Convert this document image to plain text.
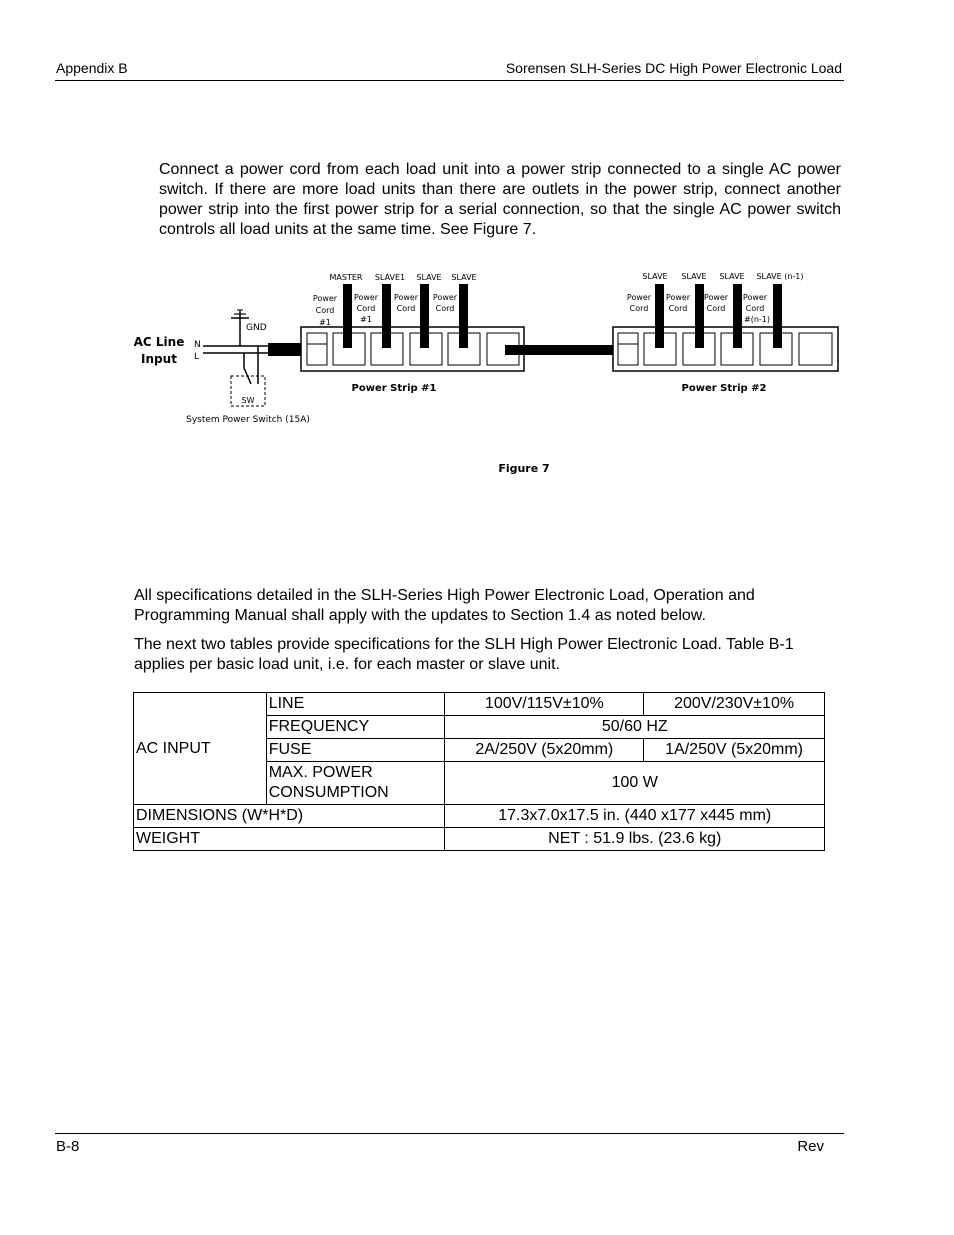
Appendix B	Sorensen SLH-Series DC High Power Electronic Load
Connect a power cord from each load unit into a power strip connected to a single AC power switch. If there are more load units than there are outlets in the power strip, connect another power strip into the first power strip for a serial connection, so that the single AC power switch controls all load units at the same time. See Figure 7.
AC Line
Input
N
L
GND
SW
System Power Switch (15A)
Power Strip #1
MASTER SLAVE1 SLAVE SLAVE
Power
Cord
#1
Power
Cord
#1
Power
Cord
Power
Cord
Power Strip #2
SLAVE SLAVE SLAVE SLAVE (n-1)
Power
Cord
Power
Cord
Power
Cord
Power
Cord
#(n-1)
Figure 7
All specifications detailed in the SLH-Series High Power Electronic Load, Operation and Programming Manual shall apply with the updates to Section 1.4 as noted below.
The next two tables provide specifications for the SLH High Power Electronic Load. Table B-1 applies per basic load unit, i.e. for each master or slave unit.
AC INPUT	LINE	100V/115V±10%	200V/230V±10%
	FREQUENCY	50/60 HZ	
	FUSE	2A/250V (5x20mm)	1A/250V (5x20mm)

	MAX. POWER
CONSUMPTION	100 W	
DIMENSIONS (W*H*D)		17.3x7.0x17.5 in. (440 x177 x445 mm)	
WEIGHT		NET : 51.9 lbs. (23.6 kg)	
B-8	Rev
